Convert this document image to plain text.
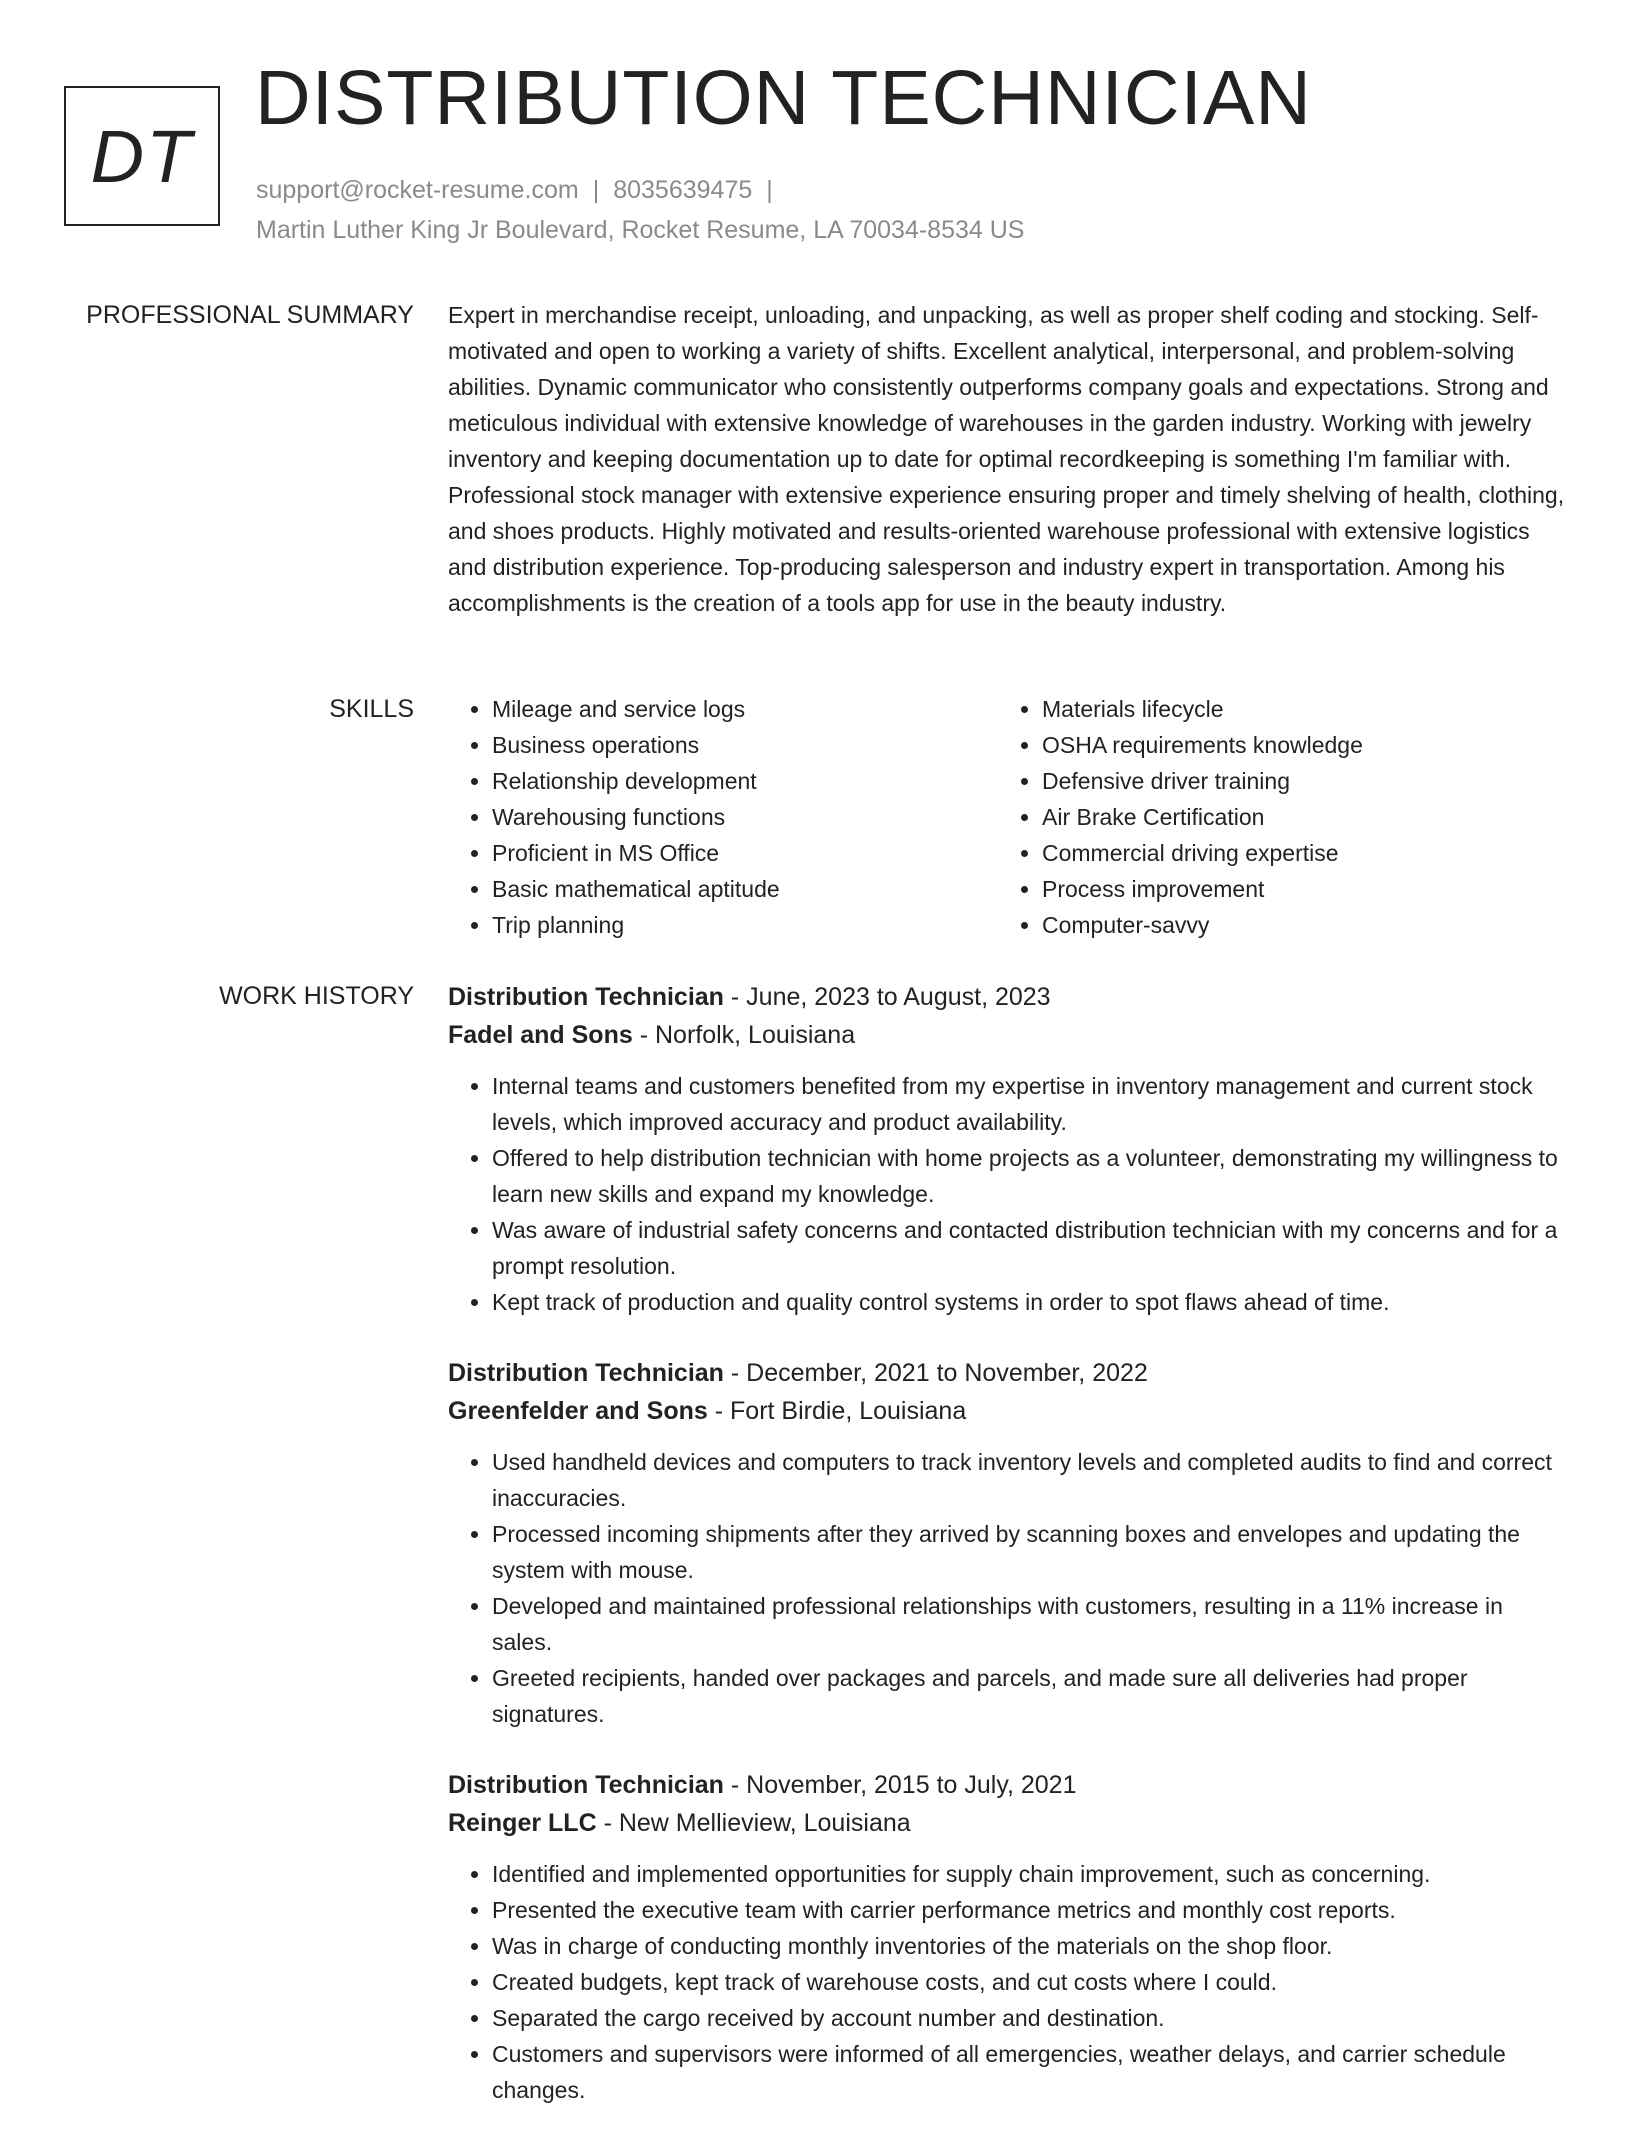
DT
DISTRIBUTION TECHNICIAN
support@rocket-resume.com | 8035639475 |
Martin Luther King Jr Boulevard, Rocket Resume, LA 70034-8534 US
PROFESSIONAL SUMMARY Expert in merchandise receipt, unloading, and unpacking, as well as proper shelf coding and stocking. Self-motivated and open to working a variety of shifts. Excellent analytical, interpersonal, and problem-solving abilities. Dynamic communicator who consistently outperforms company goals and expectations. Strong and meticulous individual with extensive knowledge of warehouses in the garden industry. Working with jewelry inventory and keeping documentation up to date for optimal recordkeeping is something I'm familiar with. Professional stock manager with extensive experience ensuring proper and timely shelving of health, clothing, and shoes products. Highly motivated and results-oriented warehouse professional with extensive logistics and distribution experience. Top-producing salesperson and industry expert in transportation. Among his accomplishments is the creation of a tools app for use in the beauty industry.

SKILLS
•	Mileage and service logs
• Business operations
• Relationship development
• Warehousing functions
• Proficient in MS Office
• Basic mathematical aptitude
• Trip planning
• Materials lifecycle
• OSHA requirements knowledge
• Defensive driver training
• Air Brake Certification
• Commercial driving expertise
• Process improvement
• Computer-savvy
WORK HISTORY Distribution Technician - June, 2023 to August, 2023
Fadel and Sons - Norfolk, Louisiana
• Internal teams and customers benefited from my expertise in inventory management and current stock levels, which improved accuracy and product availability.
• Offered to help distribution technician with home projects as a volunteer, demonstrating my willingness to learn new skills and expand my knowledge.
• Was aware of industrial safety concerns and contacted distribution technician with my concerns and for a prompt resolution.
• Kept track of production and quality control systems in order to spot flaws ahead of time.
Distribution Technician - December, 2021 to November, 2022
Greenfelder and Sons - Fort Birdie, Louisiana
• Used handheld devices and computers to track inventory levels and completed audits to find and correct inaccuracies.
• Processed incoming shipments after they arrived by scanning boxes and envelopes and updating the system with mouse.
• Developed and maintained professional relationships with customers, resulting in a 11% increase in sales.
• Greeted recipients, handed over packages and parcels, and made sure all deliveries had proper signatures.
Distribution Technician - November, 2015 to July, 2021
Reinger LLC - New Mellieview, Louisiana
• Identified and implemented opportunities for supply chain improvement, such as concerning.
• Presented the executive team with carrier performance metrics and monthly cost reports.
• Was in charge of conducting monthly inventories of the materials on the shop floor.
• Created budgets, kept track of warehouse costs, and cut costs where I could.
• Separated the cargo received by account number and destination.
• Customers and supervisors were informed of all emergencies, weather delays, and carrier schedule changes.
